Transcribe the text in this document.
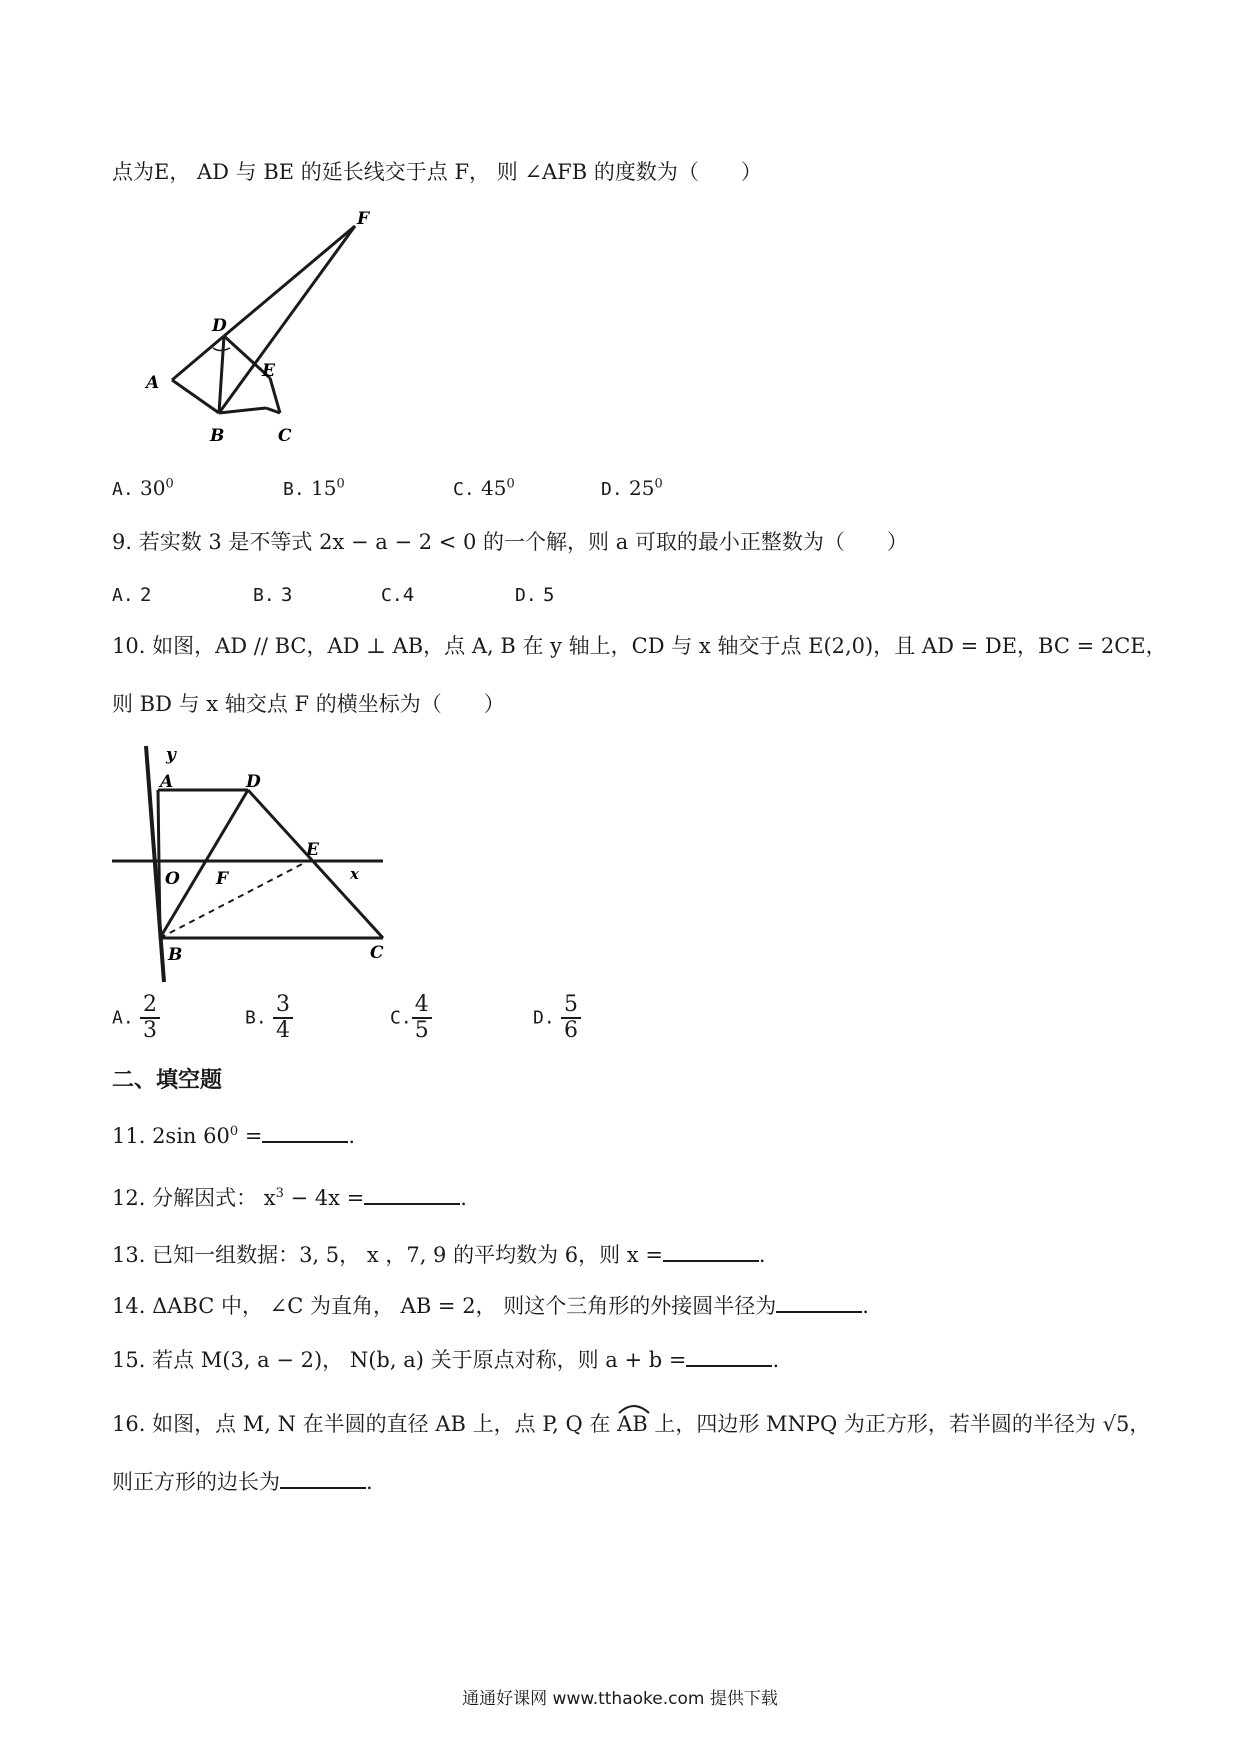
点为E， AD 与 BE 的延长线交于点 F， 则 ∠AFB 的度数为（　　）
F
D
A
E
B	C
A. $30^0$	B. $15^0$	C. $45^0$	D. $25^0$
9. 若实数 3 是不等式 2x − a − 2 < 0 的一个解，则 a 可取的最小正整数为（　　）
A. 2	B. 3	C.4	D. 5
10. 如图，AD // BC，AD ⊥ AB，点 A, B 在 y 轴上，CD 与 x 轴交于点 E(2,0)，且 AD = DE，BC = 2CE，
则 BD 与 x 轴交点 F 的横坐标为（　　）
y
A	D
E
x
O F
B	C
A. $\frac{2}{3}$	B. $\frac{3}{4}$	C. $\frac{4}{5}$	D. $\frac{5}{6}$
二、填空题
11. 2sin $60^0$ =	.
12. 分解因式： $x^3 - 4x$ =	.
13. 已知一组数据：3, 5， x ，7, 9 的平均数为 6，则 x =	.
14. ΔABC 中， ∠C 为直角， AB = 2， 则这个三角形的外接圆半径为	.
15. 若点 M(3, a − 2)， N(b, a) 关于原点对称，则 a + b =	.
16. 如图，点 M, N 在半圆的直径 AB 上，点 P, Q 在
AB 上，四边形 MNPQ 为正方形，若半圆的半径为 √5，
则正方形的边长为	.
通通好课网 www.tthaoke.com 提供下载
